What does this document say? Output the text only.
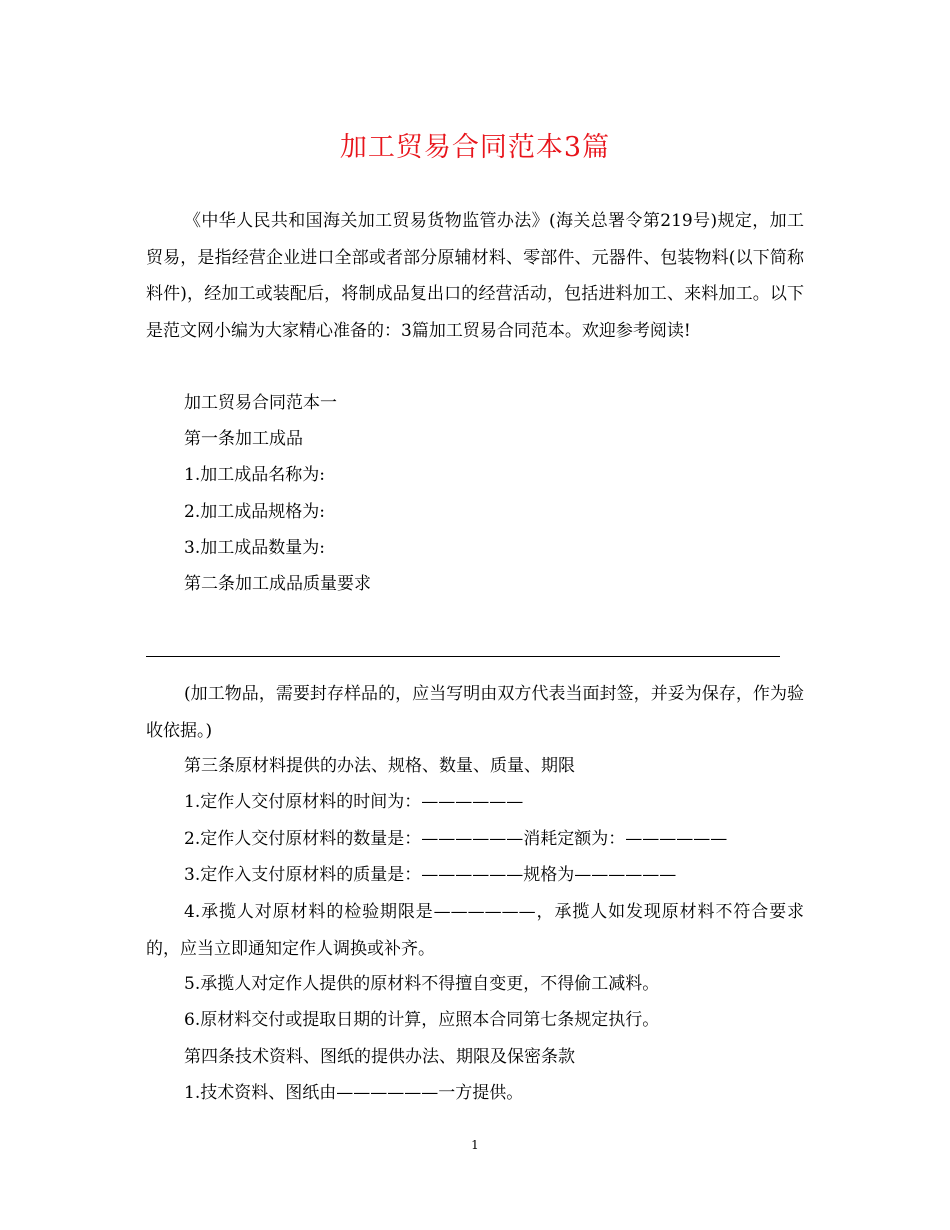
加工贸易合同范本3篇
《中华人民共和国海关加工贸易货物监管办法》(海关总署令第219号)规定，加工贸易，是指经营企业进口全部或者部分原辅材料、零部件、元器件、包装物料(以下简称料件)，经加工或装配后，将制成品复出口的经营活动，包括进料加工、来料加工。以下是范文网小编为大家精心准备的：3篇加工贸易合同范本。欢迎参考阅读!
加工贸易合同范本一
第一条加工成品
1.加工成品名称为:
2.加工成品规格为:
3.加工成品数量为:
第二条加工成品质量要求
(加工物品，需要封存样品的，应当写明由双方代表当面封签，并妥为保存，作为验收依据。)
第三条原材料提供的办法、规格、数量、质量、期限
1.定作人交付原材料的时间为：——————
2.定作人交付原材料的数量是：——————消耗定额为：——————
3.定作入支付原材料的质量是：——————规格为——————
4.承揽人对原材料的检验期限是——————，承揽人如发现原材料不符合要求的，应当立即通知定作人调换或补齐。
5.承揽人对定作人提供的原材料不得擅自变更，不得偷工减料。
6.原材料交付或提取日期的计算，应照本合同第七条规定执行。
第四条技术资料、图纸的提供办法、期限及保密条款
1.技术资料、图纸由——————一方提供。
1
